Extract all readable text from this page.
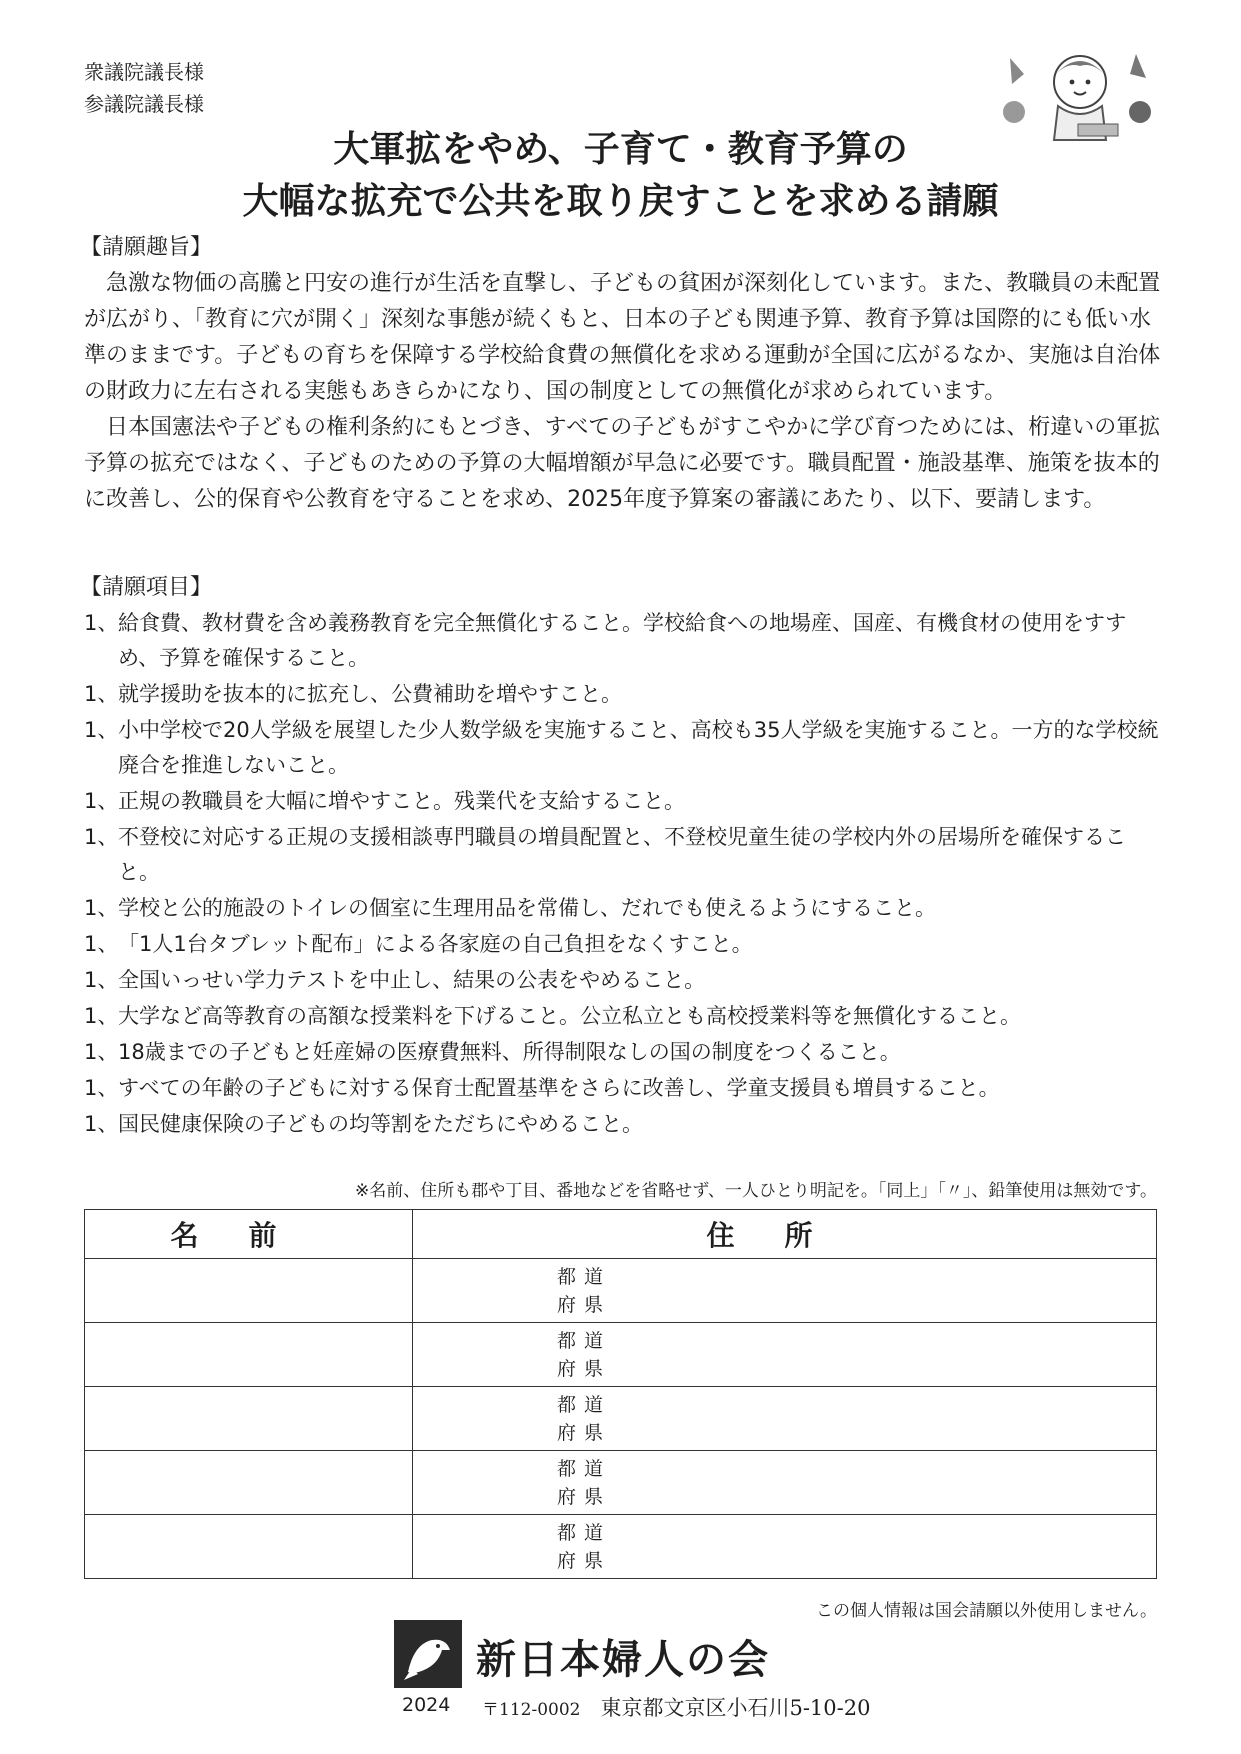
衆議院議長様
参議院議長様
大軍拡をやめ、子育て・教育予算の
大幅な拡充で公共を取り戻すことを求める請願
【請願趣旨】

急激な物価の高騰と円安の進行が生活を直撃し、子どもの貧困が深刻化しています。また、教職員の未配置が広がり、「教育に穴が開く」深刻な事態が続くもと、日本の子ども関連予算、教育予算は国際的にも低い水準のままです。子どもの育ちを保障する学校給食費の無償化を求める運動が全国に広がるなか、実施は自治体の財政力に左右される実態もあきらかになり、国の制度としての無償化が求められています。

日本国憲法や子どもの権利条約にもとづき、すべての子どもがすこやかに学び育つためには、桁違いの軍拡予算の拡充ではなく、子どものための予算の大幅増額が早急に必要です。職員配置・施設基準、施策を抜本的に改善し、公的保育や公教育を守ることを求め、2025年度予算案の審議にあたり、以下、要請します。

【請願項目】
1、給食費、教材費を含め義務教育を完全無償化すること。学校給食への地場産、国産、有機食材の使用をすすめ、予算を確保すること。
1、就学援助を抜本的に拡充し、公費補助を増やすこと。
1、小中学校で20人学級を展望した少人数学級を実施すること、高校も35人学級を実施すること。一方的な学校統廃合を推進しないこと。
1、正規の教職員を大幅に増やすこと。残業代を支給すること。
1、不登校に対応する正規の支援相談専門職員の増員配置と、不登校児童生徒の学校内外の居場所を確保すること。
1、学校と公的施設のトイレの個室に生理用品を常備し、だれでも使えるようにすること。
1、「1人1台タブレット配布」による各家庭の自己負担をなくすこと。
1、全国いっせい学力テストを中止し、結果の公表をやめること。
1、大学など高等教育の高額な授業料を下げること。公立私立とも高校授業料等を無償化すること。
1、18歳までの子どもと妊産婦の医療費無料、所得制限なしの国の制度をつくること。
1、すべての年齢の子どもに対する保育士配置基準をさらに改善し、学童支援員も増員すること。
1、国民健康保険の子どもの均等割をただちにやめること。
※名前、住所も郡や丁目、番地などを省略せず、一人ひとり明記を。「同上」「〃」、鉛筆使用は無効です。
名前	住所

	都道
府県

	都道
府県

	都道
府県

	都道
府県

	都道
府県
この個人情報は国会請願以外使用しません。
新日本婦人の会
2024 〒112-0002 東京都文京区小石川5-10-20
